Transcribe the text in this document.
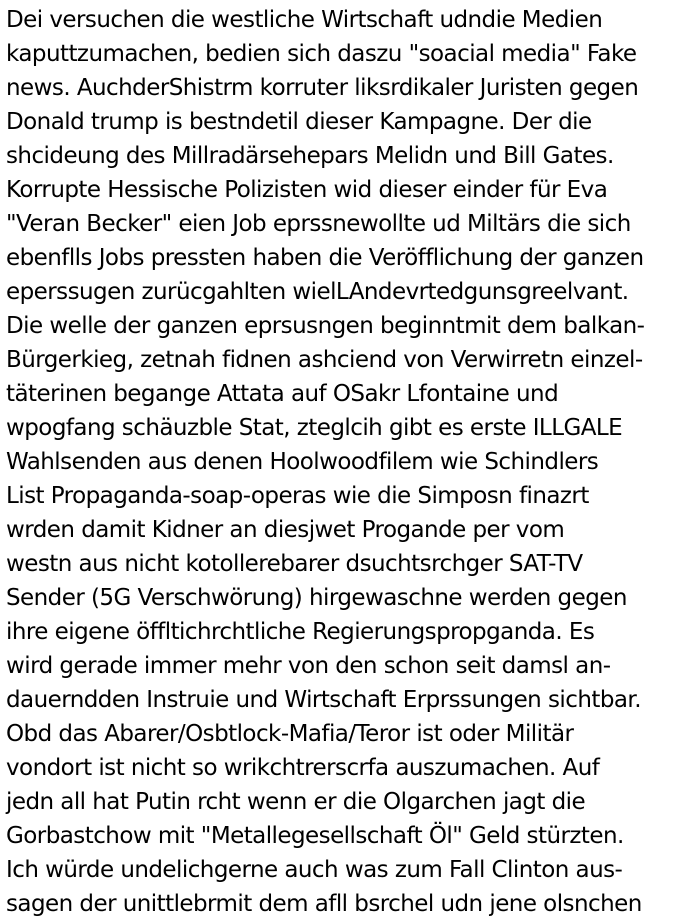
Dei versuchen die westliche Wirtschaft udndie Medien
kaputtzumachen, bedien sich daszu "soacial media" Fake
news. AuchderShistrm korruter liksrdikaler Juristen gegen
Donald trump is bestndetil dieser Kampagne. Der die
shcideung des Millradärsehepars Melidn und Bill Gates.
Korrupte Hessische Polizisten wid dieser einder für Eva
"Veran Becker" eien Job eprssnewollte ud Miltärs die sich
ebenflls Jobs pressten haben die Veröfflichung der ganzen
eperssugen zurücgahlten wielLAndevrtedgunsgreelvant.
Die welle der ganzen eprsusngen beginntmit dem balkan-
Bürgerkieg, zetnah fidnen ashciend von Verwirretn einzel-
täterinen begange Attata auf OSakr Lfontaine und
wpogfang schäuzble Stat, zteglcih gibt es erste ILLGALE
Wahlsenden aus denen Hoolwoodfilem wie Schindlers
List Propaganda-soap-operas wie die Simposn finazrt
wrden damit Kidner an diesjwet Progande per vom
westn aus nicht kotollerebarer dsuchtsrchger SAT-TV
Sender (5G Verschwörung) hirgewaschne werden gegen
ihre eigene öffltichrchtliche Regierungspropganda. Es
wird gerade immer mehr von den schon seit damsl an-
dauerndden Instruie und Wirtschaft Erprssungen sichtbar.
Obd das Abarer/Osbtlock-Mafia/Teror ist oder Militär
vondort ist nicht so wrikchtrerscrfa auszumachen. Auf
jedn all hat Putin rcht wenn er die Olgarchen jagt die
Gorbastchow mit "Metallegesellschaft Öl" Geld stürzten.
Ich würde undelichgerne auch was zum Fall Clinton aus-
sagen der unittlebrmit dem afll bsrchel udn jene olsnchen
